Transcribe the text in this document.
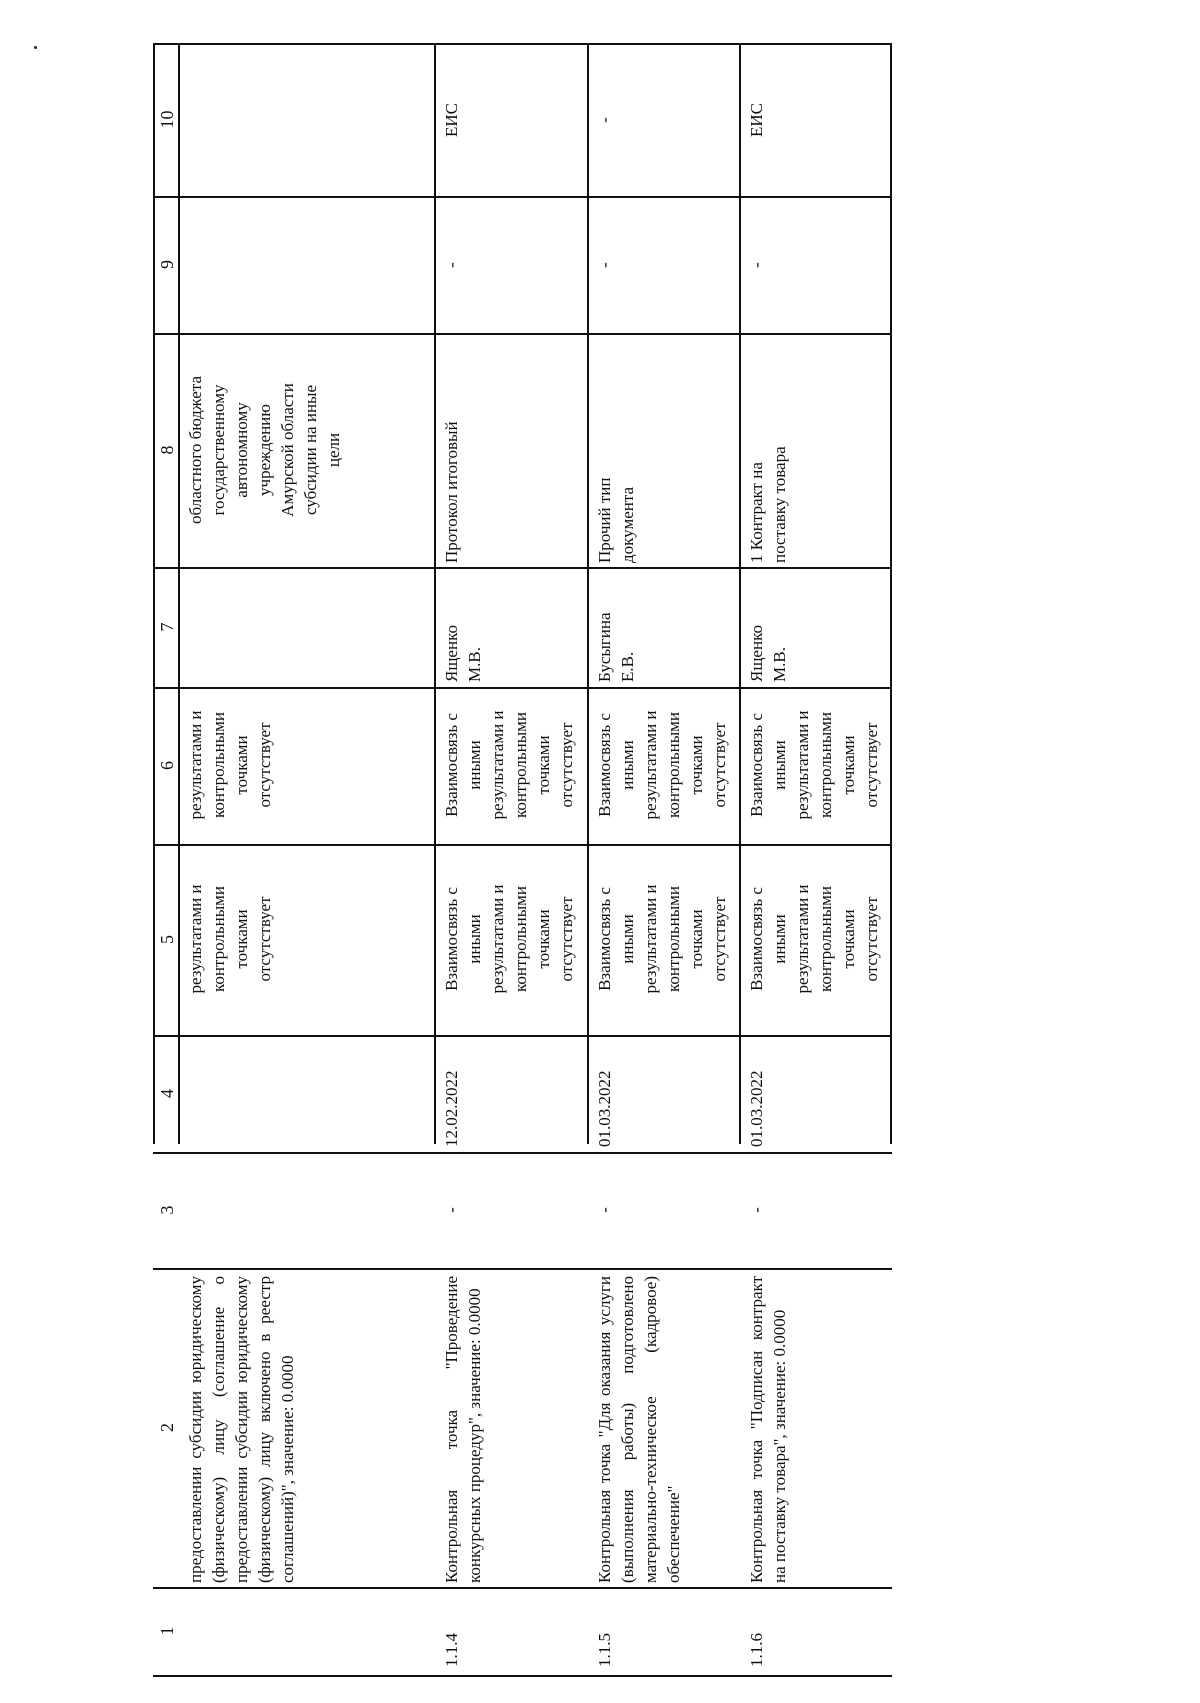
10
9
8
7
6
5
4
3
2
1
предоставлении субсидии юридическому (физическому) лицу (соглашение о предоставлении субсидии юридическому (физическому) лицу включено в реестр соглашений)", значение: 0.0000
результатами и
контрольными
точками
отсутствует
результатами и
контрольными
точками
отсутствует
областного бюджета
государственному
автономному
учреждению
Амурской области
субсидии на иные
цели
1.1.4
Контрольная точка "Проведение конкурсных процедур", значение: 0.0000
-
12.02.2022
Взаимосвязь с
иными
результатами и
контрольными
точками
отсутствует
Взаимосвязь с
иными
результатами и
контрольными
точками
отсутствует
Ященко
М.В.
Протокол итоговый
-
ЕИС
1.1.5
Контрольная точка "Для оказания услуги (выполнения работы) подготовлено материально-техническое (кадровое) обеспечение"
-
01.03.2022
Взаимосвязь с
иными
результатами и
контрольными
точками
отсутствует
Взаимосвязь с
иными
результатами и
контрольными
точками
отсутствует
Бусыгина
Е.В.
Прочий тип
документа
-
-
1.1.6
Контрольная точка "Подписан контракт на поставку товара", значение: 0.0000
-
01.03.2022
Взаимосвязь с
иными
результатами и
контрольными
точками
отсутствует
Взаимосвязь с
иными
результатами и
контрольными
точками
отсутствует
Ященко
М.В.
1 Контракт на
поставку товара
-
ЕИС
